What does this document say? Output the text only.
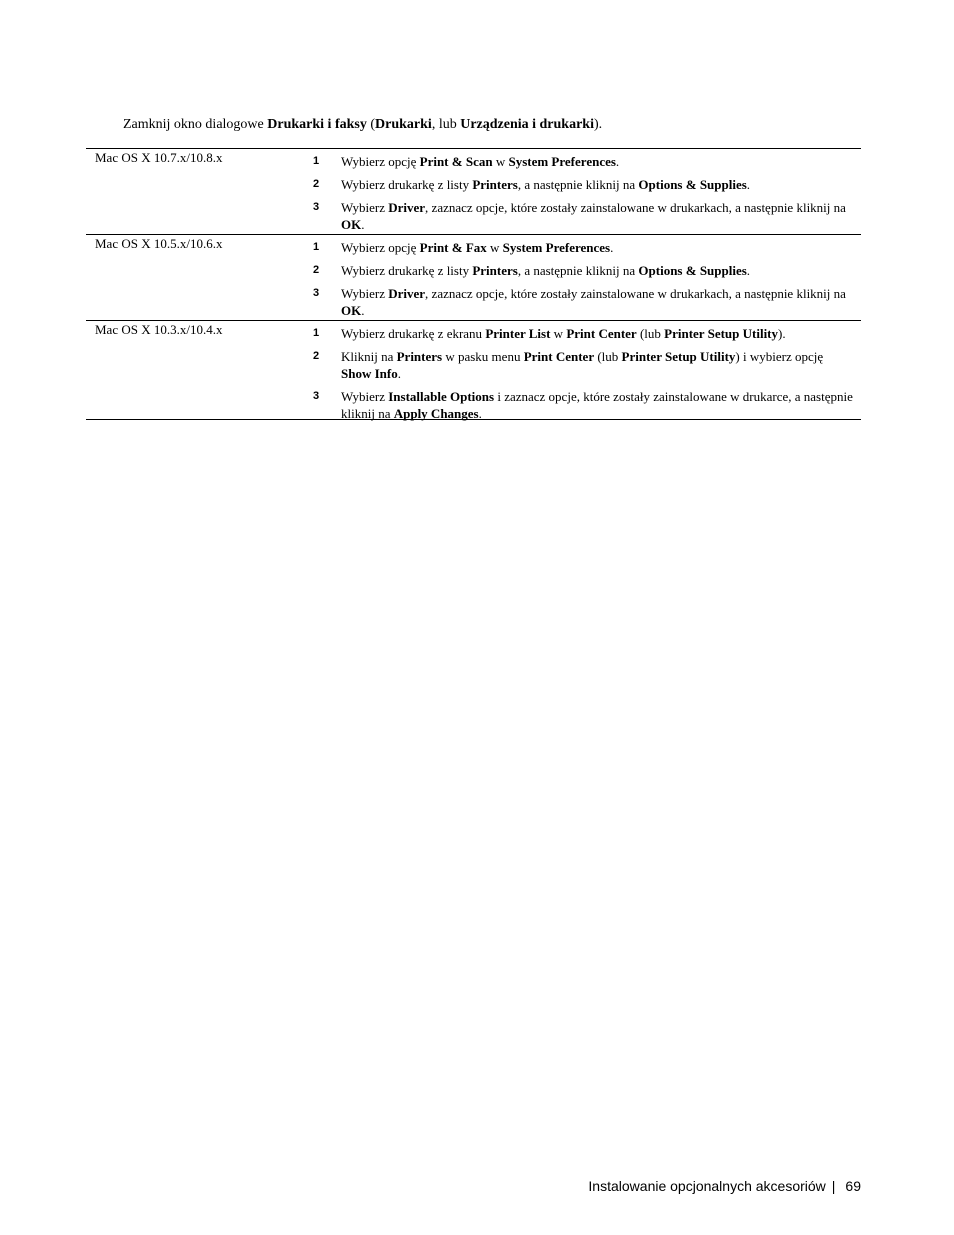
Zamknij okno dialogowe Drukarki i faksy (Drukarki, lub Urządzenia i drukarki).

Mac OS X 10.7.x/10.8.x	1	Wybierz opcję Print & Scan w System Preferences.
2	Wybierz drukarkę z listy Printers, a następnie kliknij na Options & Supplies.
3	Wybierz Driver, zaznacz opcje, które zostały zainstalowane w drukarkach, a następnie kliknij na OK.
Mac OS X 10.5.x/10.6.x	1	Wybierz opcję Print & Fax w System Preferences.
2	Wybierz drukarkę z listy Printers, a następnie kliknij na Options & Supplies.
3	Wybierz Driver, zaznacz opcje, które zostały zainstalowane w drukarkach, a następnie kliknij na OK.
Mac OS X 10.3.x/10.4.x	1	Wybierz drukarkę z ekranu Printer List w Print Center (lub Printer Setup Utility).
2	Kliknij na Printers w pasku menu Print Center (lub Printer Setup Utility) i wybierz opcję Show Info.
3	Wybierz Installable Options i zaznacz opcje, które zostały zainstalowane w drukarce, a następnie kliknij na Apply Changes.
Instalowanie opcjonalnych akcesoriów | 69
